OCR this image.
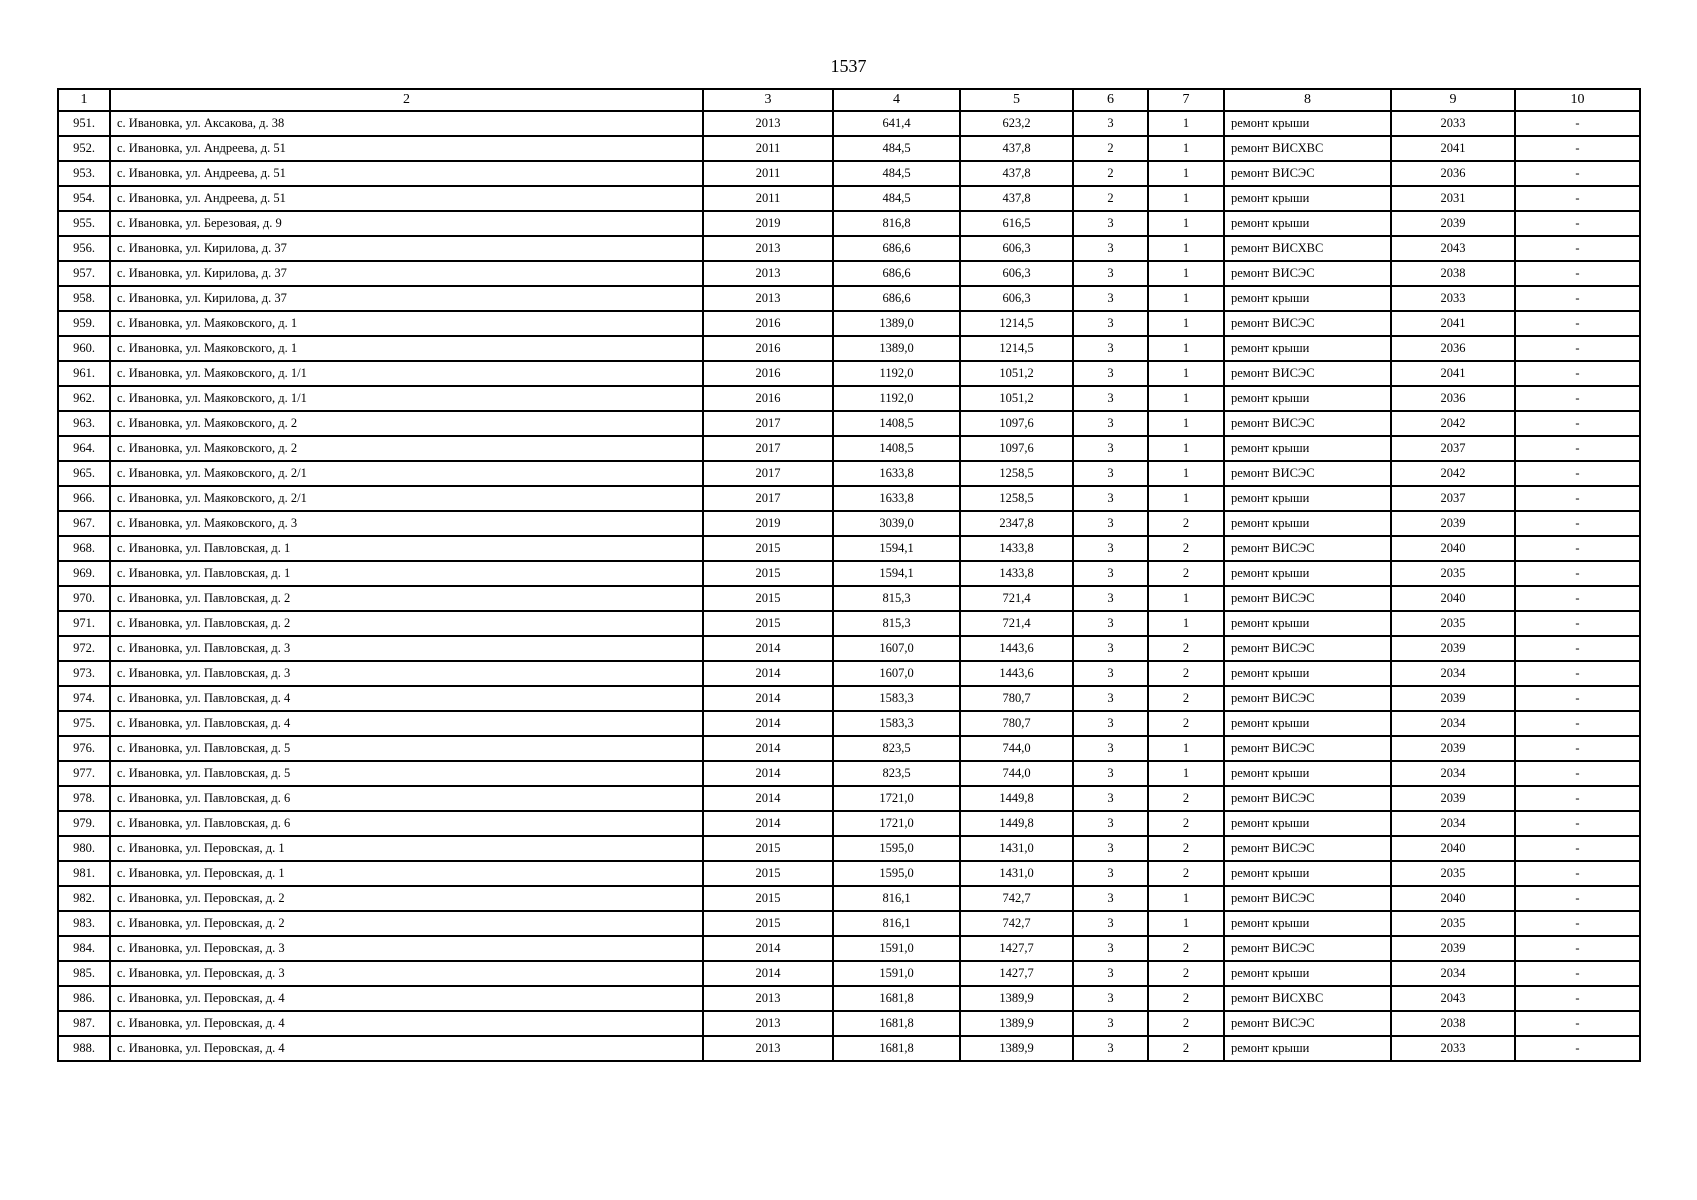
1537
1	2	3	4	5	6	7	8	9	10
951.	с. Ивановка, ул. Аксакова, д. 38	2013	641,4	623,2	3	1	ремонт крыши	2033	-
952.	с. Ивановка, ул. Андреева, д. 51	2011	484,5	437,8	2	1	ремонт ВИСХВС	2041	-
953.	с. Ивановка, ул. Андреева, д. 51	2011	484,5	437,8	2	1	ремонт ВИСЭС	2036	-
954.	с. Ивановка, ул. Андреева, д. 51	2011	484,5	437,8	2	1	ремонт крыши	2031	-
955.	с. Ивановка, ул. Березовая, д. 9	2019	816,8	616,5	3	1	ремонт крыши	2039	-
956.	с. Ивановка, ул. Кирилова, д. 37	2013	686,6	606,3	3	1	ремонт ВИСХВС	2043	-
957.	с. Ивановка, ул. Кирилова, д. 37	2013	686,6	606,3	3	1	ремонт ВИСЭС	2038	-
958.	с. Ивановка, ул. Кирилова, д. 37	2013	686,6	606,3	3	1	ремонт крыши	2033	-
959.	с. Ивановка, ул. Маяковского, д. 1	2016	1389,0	1214,5	3	1	ремонт ВИСЭС	2041	-
960.	с. Ивановка, ул. Маяковского, д. 1	2016	1389,0	1214,5	3	1	ремонт крыши	2036	-
961.	с. Ивановка, ул. Маяковского, д. 1/1	2016	1192,0	1051,2	3	1	ремонт ВИСЭС	2041	-
962.	с. Ивановка, ул. Маяковского, д. 1/1	2016	1192,0	1051,2	3	1	ремонт крыши	2036	-
963.	с. Ивановка, ул. Маяковского, д. 2	2017	1408,5	1097,6	3	1	ремонт ВИСЭС	2042	-
964.	с. Ивановка, ул. Маяковского, д. 2	2017	1408,5	1097,6	3	1	ремонт крыши	2037	-
965.	с. Ивановка, ул. Маяковского, д. 2/1	2017	1633,8	1258,5	3	1	ремонт ВИСЭС	2042	-
966.	с. Ивановка, ул. Маяковского, д. 2/1	2017	1633,8	1258,5	3	1	ремонт крыши	2037	-
967.	с. Ивановка, ул. Маяковского, д. 3	2019	3039,0	2347,8	3	2	ремонт крыши	2039	-
968.	с. Ивановка, ул. Павловская, д. 1	2015	1594,1	1433,8	3	2	ремонт ВИСЭС	2040	-
969.	с. Ивановка, ул. Павловская, д. 1	2015	1594,1	1433,8	3	2	ремонт крыши	2035	-
970.	с. Ивановка, ул. Павловская, д. 2	2015	815,3	721,4	3	1	ремонт ВИСЭС	2040	-
971.	с. Ивановка, ул. Павловская, д. 2	2015	815,3	721,4	3	1	ремонт крыши	2035	-
972.	с. Ивановка, ул. Павловская, д. 3	2014	1607,0	1443,6	3	2	ремонт ВИСЭС	2039	-
973.	с. Ивановка, ул. Павловская, д. 3	2014	1607,0	1443,6	3	2	ремонт крыши	2034	-
974.	с. Ивановка, ул. Павловская, д. 4	2014	1583,3	780,7	3	2	ремонт ВИСЭС	2039	-
975.	с. Ивановка, ул. Павловская, д. 4	2014	1583,3	780,7	3	2	ремонт крыши	2034	-
976.	с. Ивановка, ул. Павловская, д. 5	2014	823,5	744,0	3	1	ремонт ВИСЭС	2039	-
977.	с. Ивановка, ул. Павловская, д. 5	2014	823,5	744,0	3	1	ремонт крыши	2034	-
978.	с. Ивановка, ул. Павловская, д. 6	2014	1721,0	1449,8	3	2	ремонт ВИСЭС	2039	-
979.	с. Ивановка, ул. Павловская, д. 6	2014	1721,0	1449,8	3	2	ремонт крыши	2034	-
980.	с. Ивановка, ул. Перовская, д. 1	2015	1595,0	1431,0	3	2	ремонт ВИСЭС	2040	-
981.	с. Ивановка, ул. Перовская, д. 1	2015	1595,0	1431,0	3	2	ремонт крыши	2035	-
982.	с. Ивановка, ул. Перовская, д. 2	2015	816,1	742,7	3	1	ремонт ВИСЭС	2040	-
983.	с. Ивановка, ул. Перовская, д. 2	2015	816,1	742,7	3	1	ремонт крыши	2035	-
984.	с. Ивановка, ул. Перовская, д. 3	2014	1591,0	1427,7	3	2	ремонт ВИСЭС	2039	-
985.	с. Ивановка, ул. Перовская, д. 3	2014	1591,0	1427,7	3	2	ремонт крыши	2034	-
986.	с. Ивановка, ул. Перовская, д. 4	2013	1681,8	1389,9	3	2	ремонт ВИСХВС	2043	-
987.	с. Ивановка, ул. Перовская, д. 4	2013	1681,8	1389,9	3	2	ремонт ВИСЭС	2038	-
988.	с. Ивановка, ул. Перовская, д. 4	2013	1681,8	1389,9	3	2	ремонт крыши	2033	-
